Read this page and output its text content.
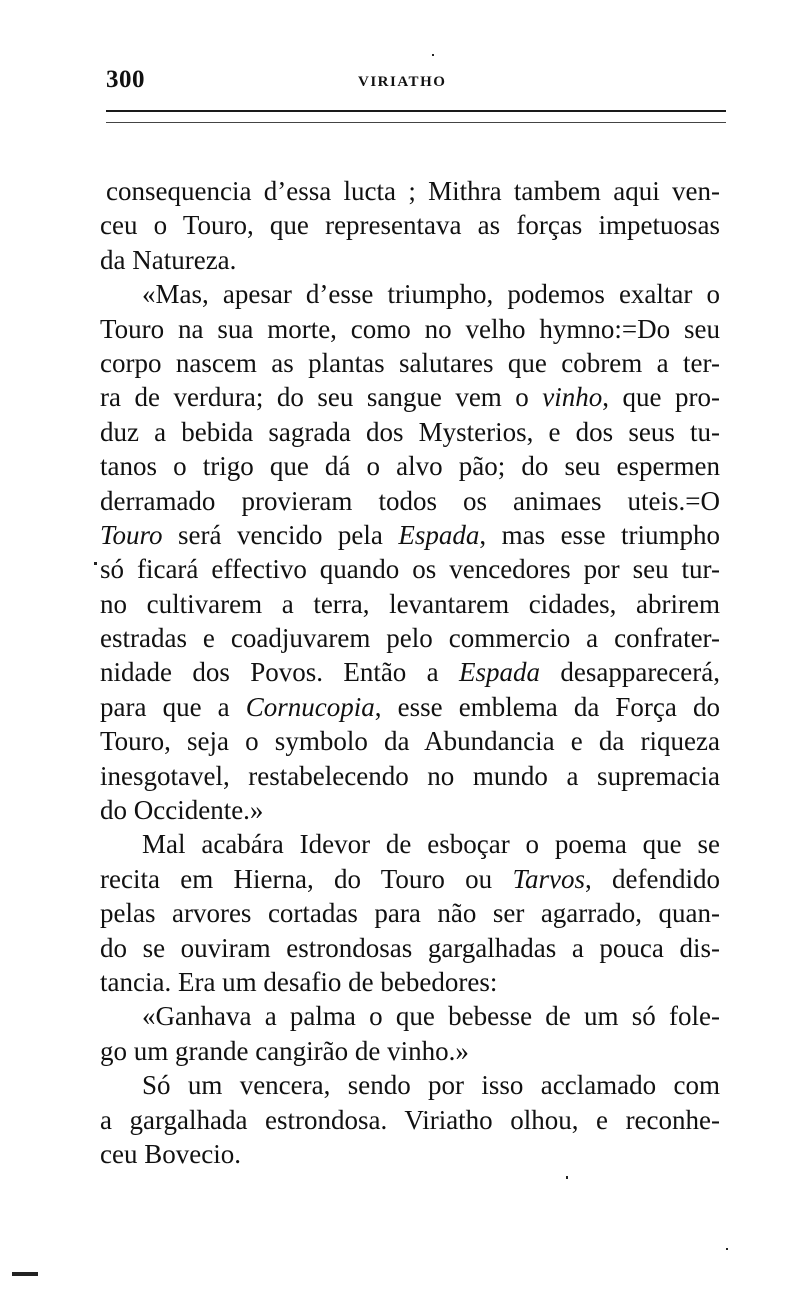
300	VIRIATHO
consequencia d’essa lucta ; Mithra tambem aqui ven-
ceu o Touro, que representava as forças impetuosas
da Natureza.
«Mas, apesar d’esse triumpho, podemos exaltar o
Touro na sua morte, como no velho hymno:=Do seu
corpo nascem as plantas salutares que cobrem a ter-
ra de verdura; do seu sangue vem o vinho, que pro-
duz a bebida sagrada dos Mysterios, e dos seus tu-
tanos o trigo que dá o alvo pão; do seu espermen
derramado provieram todos os animaes uteis.=O
Touro será vencido pela Espada, mas esse triumpho
só ficará effectivo quando os vencedores por seu tur-
no cultivarem a terra, levantarem cidades, abrirem
estradas e coadjuvarem pelo commercio a confrater-
nidade dos Povos. Então a Espada desapparecerá,
para que a Cornucopia, esse emblema da Força do
Touro, seja o symbolo da Abundancia e da riqueza
inesgotavel, restabelecendo no mundo a supremacia
do Occidente.»
Mal acabára Idevor de esboçar o poema que se
recita em Hierna, do Touro ou Tarvos, defendido
pelas arvores cortadas para não ser agarrado, quan-
do se ouviram estrondosas gargalhadas a pouca dis-
tancia. Era um desafio de bebedores:
«Ganhava a palma o que bebesse de um só fole-
go um grande cangirão de vinho.»
Só um vencera, sendo por isso acclamado com
a gargalhada estrondosa. Viriatho olhou, e reconhe-
ceu Bovecio.
